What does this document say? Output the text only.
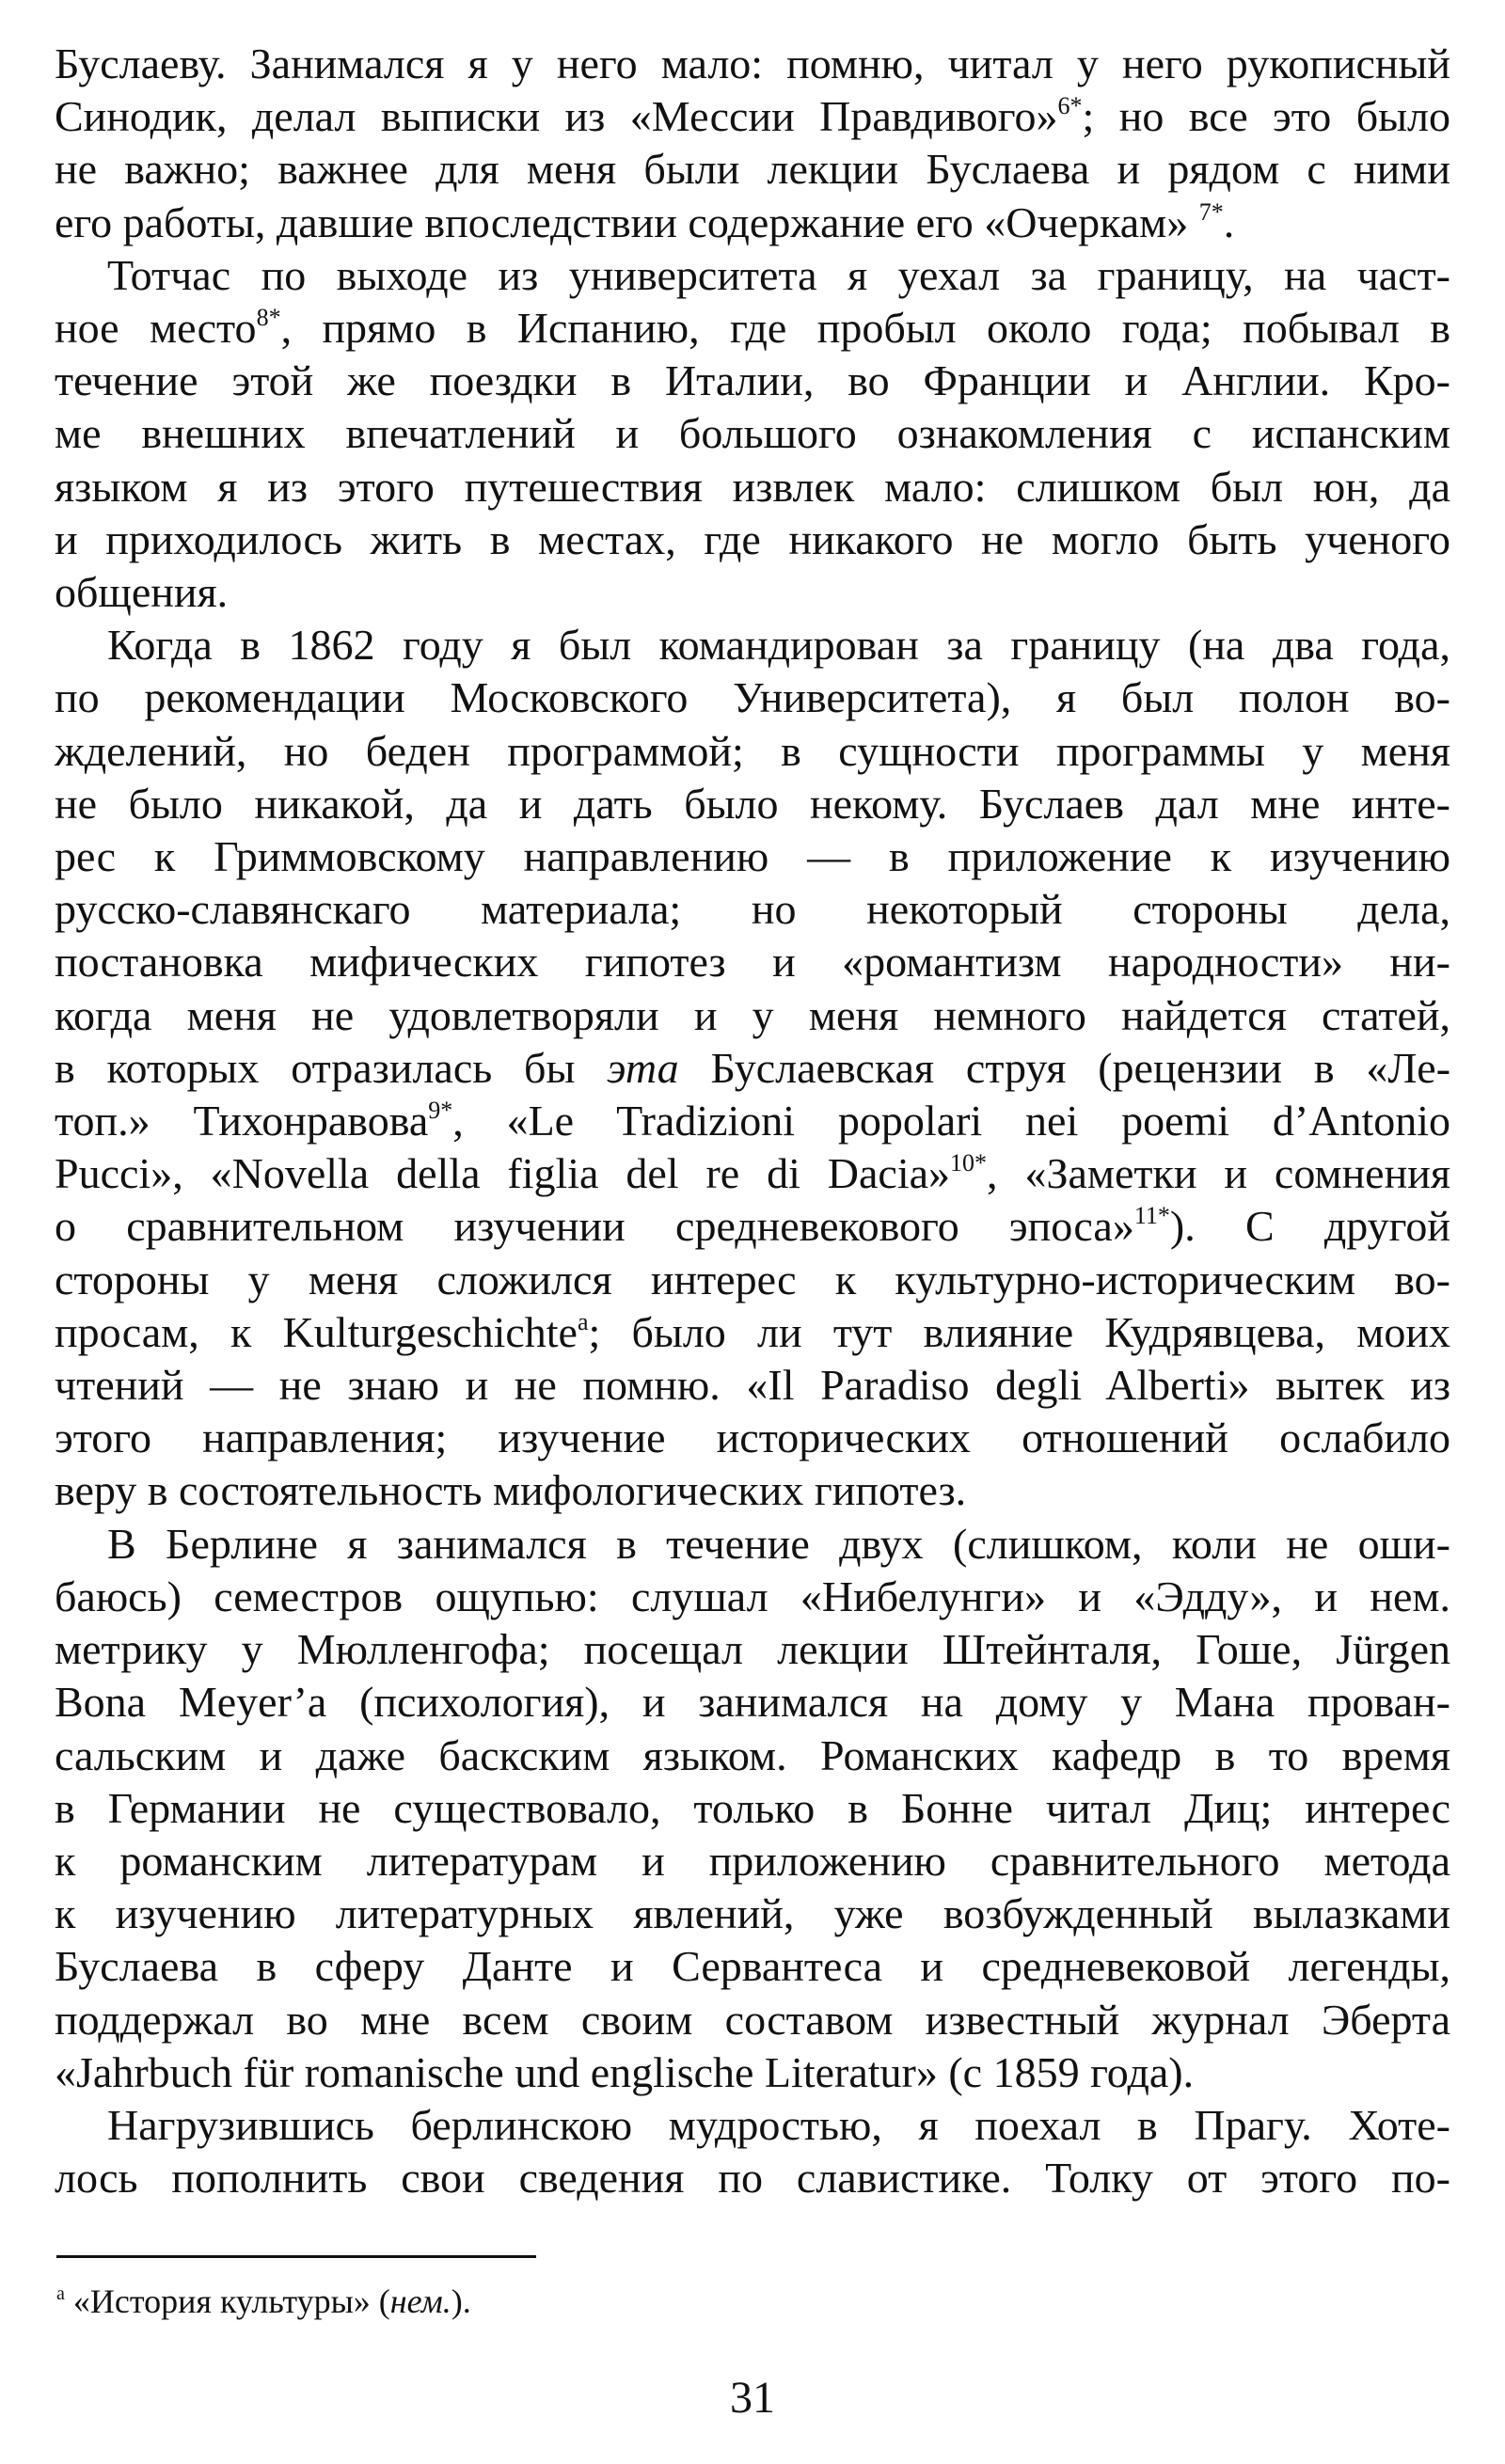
Буслаеву. Занимался я у него мало: помню, читал у него рукописный

Синодик, делал выписки из «Мессии Правдивого»$^{6*}$; но все это было

не важно; важнее для меня были лекции Буслаева и рядом с ними

его работы, давшие впоследствии содержание его «Очеркам» $^{7*}$.

Тотчас по выходе из университета я уехал за границу, на част-

ное место$^{8*}$, прямо в Испанию, где пробыл около года; побывал в

течение этой же поездки в Италии, во Франции и Англии. Кро-

ме внешних впечатлений и большого ознакомления с испанским

языком я из этого путешествия извлек мало: слишком был юн, да

и приходилось жить в местах, где никакого не могло быть ученого

общения.

Когда в 1862 году я был командирован за границу (на два года,

по рекомендации Московского Университета), я был полон во-

жделений, но беден программой; в сущности программы у меня

не было никакой, да и дать было некому. Буслаев дал мне инте-

рес к Гриммовскому направлению — в приложение к изучению

русско-славянскаго материала; но некоторый стороны дела,

постановка мифических гипотез и «романтизм народности» ни-

когда меня не удовлетворяли и у меня немного найдется статей,

в которых отразилась бы эта Буслаевская струя (рецензии в «Ле-

топ.» Тихонравова$^{9*}$, «Le Tradizioni popolari nei poemi d’Antonio

Pucci», «Novella della figlia del re di Dacia»$^{10*}$, «Заметки и сомнения

о сравнительном изучении средневекового эпоса»$^{11*}$). С другой

стороны у меня сложился интерес к культурно-историческим во-

просам, к Kulturgeschichte$^а$; было ли тут влияние Кудрявцева, моих

чтений — не знаю и не помню. «Il Paradiso degli Alberti» вытек из

этого направления; изучение исторических отношений ослабило

веру в состоятельность мифологических гипотез.

В Берлине я занимался в течение двух (слишком, коли не оши-

баюсь) семестров ощупью: слушал «Нибелунги» и «Эдду», и нем.

метрику у Мюлленгофа; посещал лекции Штейнталя, Гоше, Jürgen

Bona Meyer’a (психология), и занимался на дому у Мана прован-

сальским и даже баскским языком. Романских кафедр в то время

в Германии не существовало, только в Бонне читал Диц; интерес

к романским литературам и приложению сравнительного метода

к изучению литературных явлений, уже возбужденный вылазками

Буслаева в сферу Данте и Сервантеса и средневековой легенды,

поддержал во мне всем своим составом известный журнал Эберта

«Jahrbuch für romanische und englische Literatur» (с 1859 года).

Нагрузившись берлинскою мудростью, я поехал в Прагу. Хоте-

лось пополнить свои сведения по славистике. Толку от этого по-

$^а$ «История культуры» (нем.).
31
